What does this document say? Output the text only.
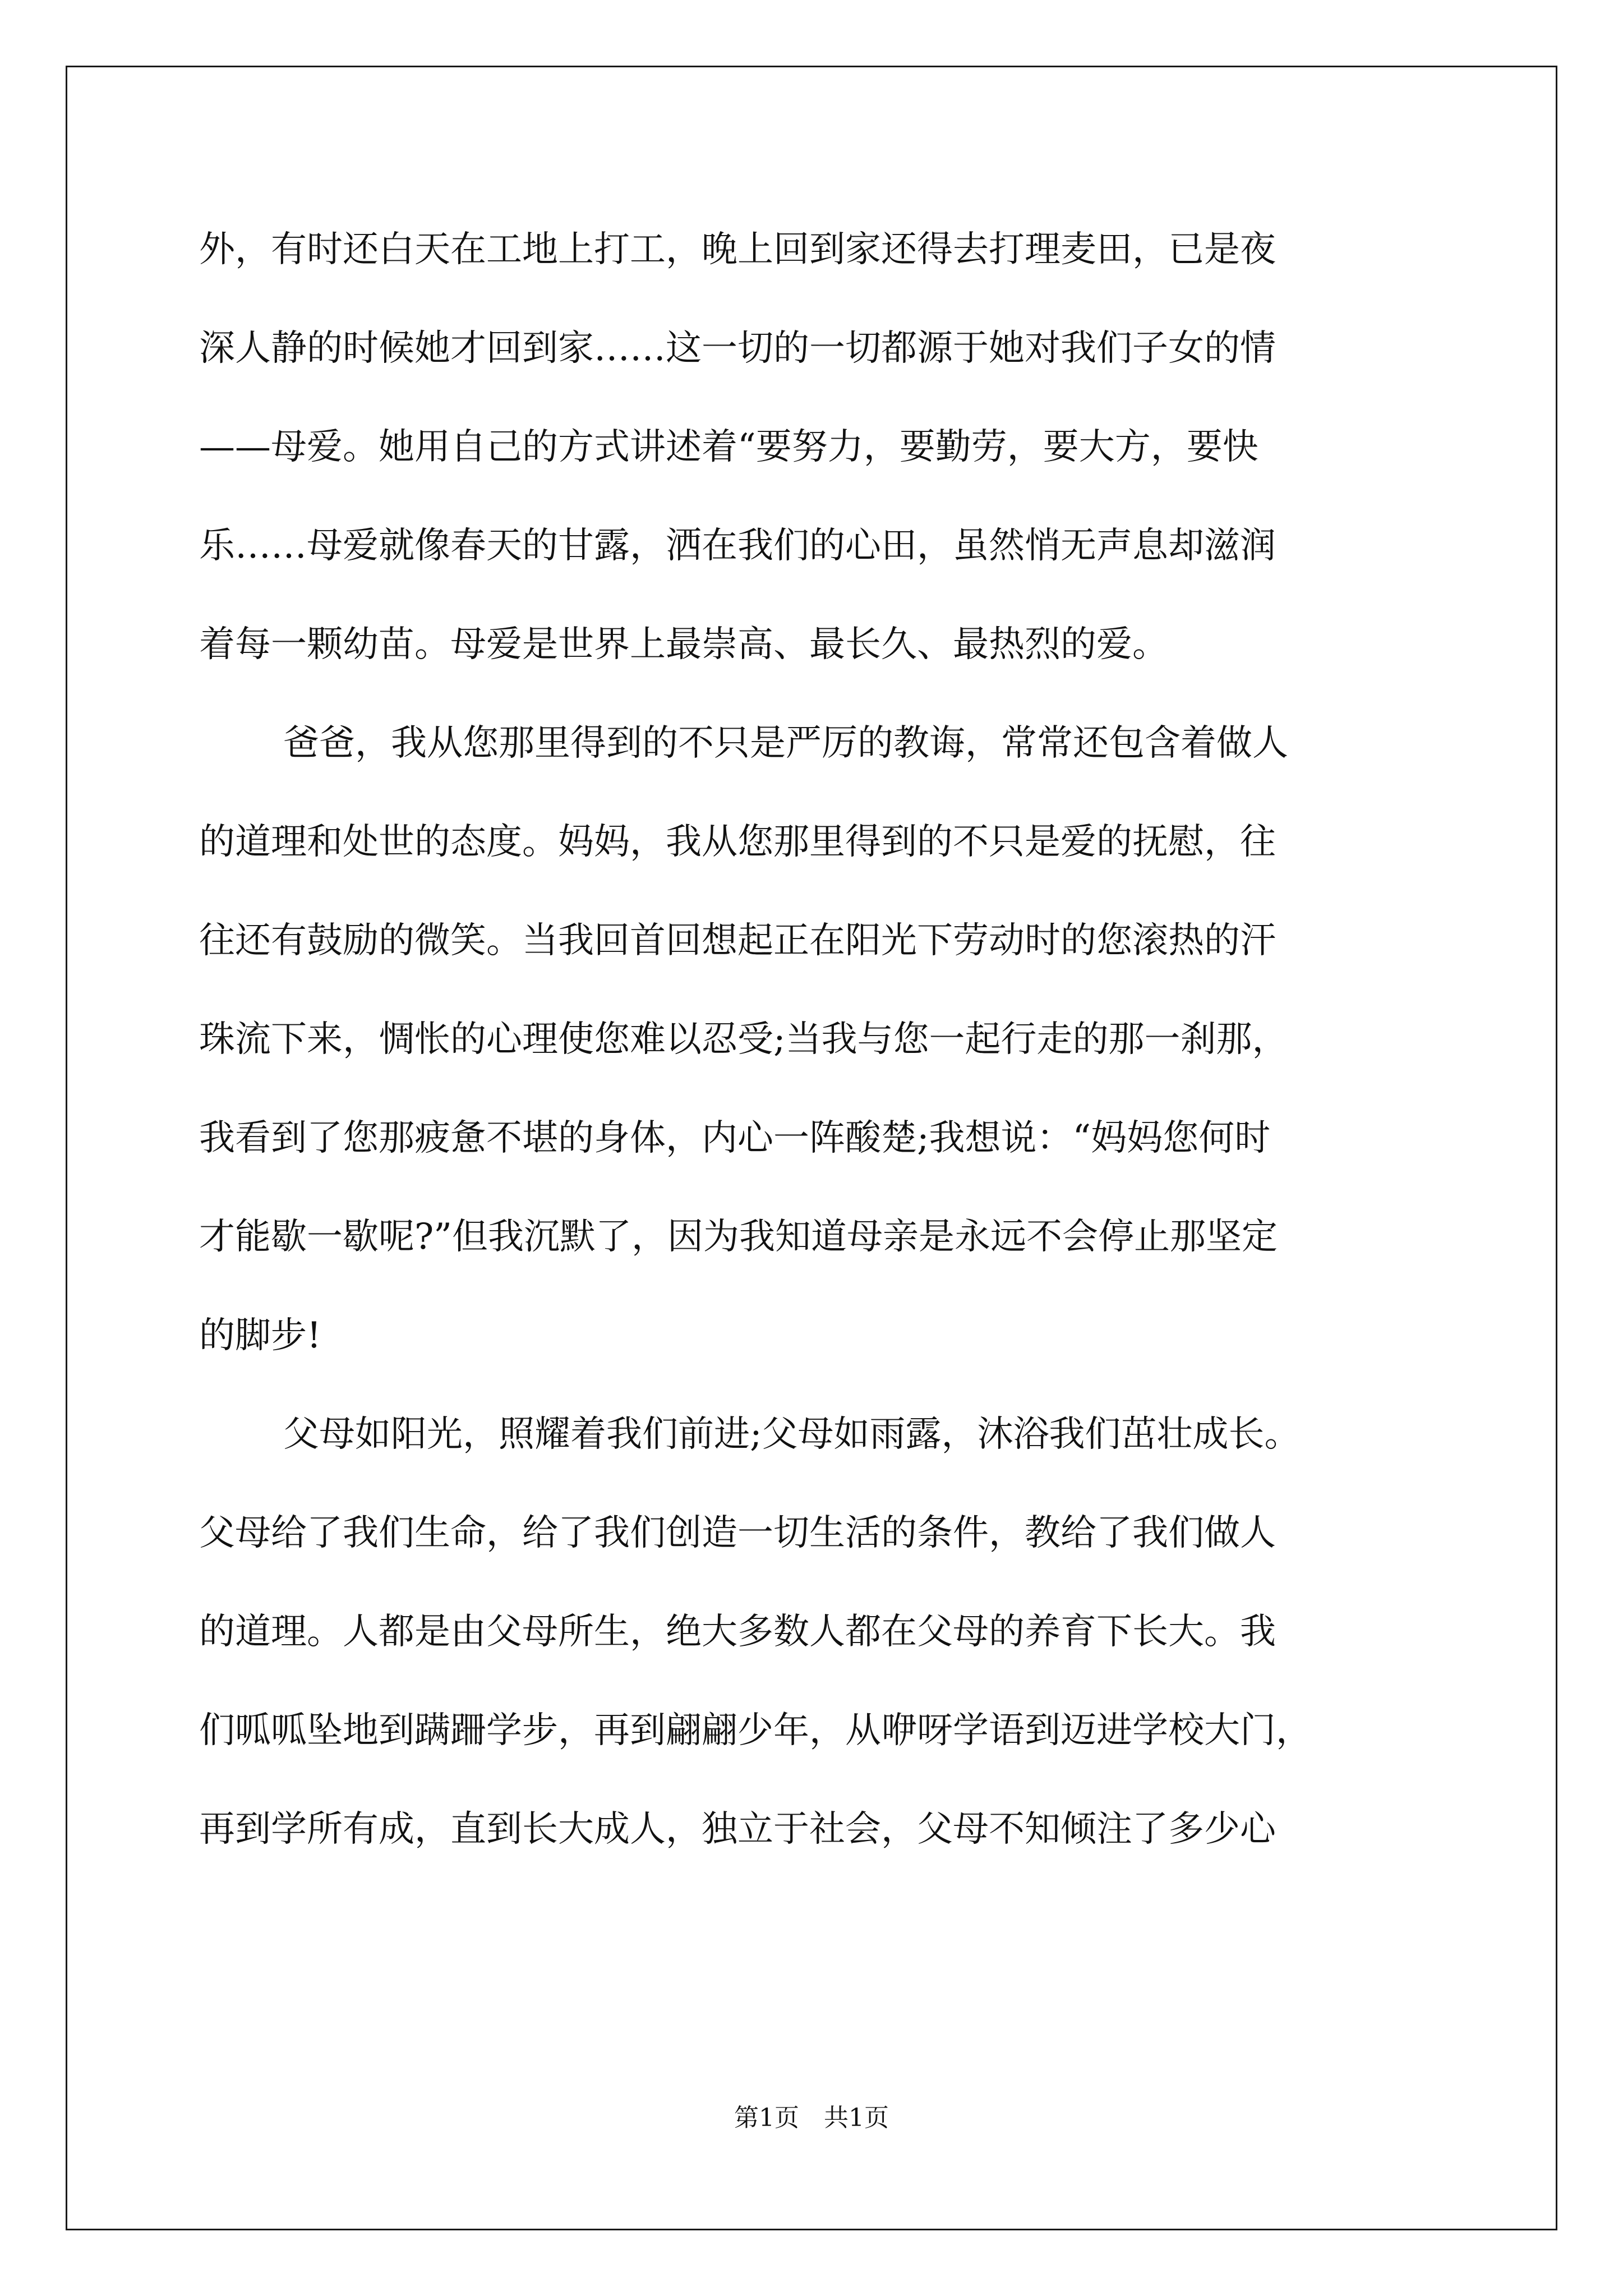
外，有时还白天在工地上打工，晚上回到家还得去打理麦田，已是夜
深人静的时候她才回到家……这一切的一切都源于她对我们子女的情
——母爱。她用自己的方式讲述着“要努力，要勤劳，要大方，要快
乐……母爱就像春天的甘露，洒在我们的心田，虽然悄无声息却滋润
着每一颗幼苗。母爱是世界上最崇高、最长久、最热烈的爱。
爸爸，我从您那里得到的不只是严厉的教诲，常常还包含着做人
的道理和处世的态度。妈妈，我从您那里得到的不只是爱的抚慰，往
往还有鼓励的微笑。当我回首回想起正在阳光下劳动时的您滚热的汗
珠流下来，惆怅的心理使您难以忍受;当我与您一起行走的那一刹那，
我看到了您那疲惫不堪的身体，内心一阵酸楚;我想说：“妈妈您何时
才能歇一歇呢?”但我沉默了，因为我知道母亲是永远不会停止那坚定
的脚步!
父母如阳光，照耀着我们前进;父母如雨露，沐浴我们茁壮成长。
父母给了我们生命，给了我们创造一切生活的条件，教给了我们做人
的道理。人都是由父母所生，绝大多数人都在父母的养育下长大。我
们呱呱坠地到蹒跚学步，再到翩翩少年，从咿呀学语到迈进学校大门，
再到学所有成，直到长大成人，独立于社会，父母不知倾注了多少心
第1页 共1页
